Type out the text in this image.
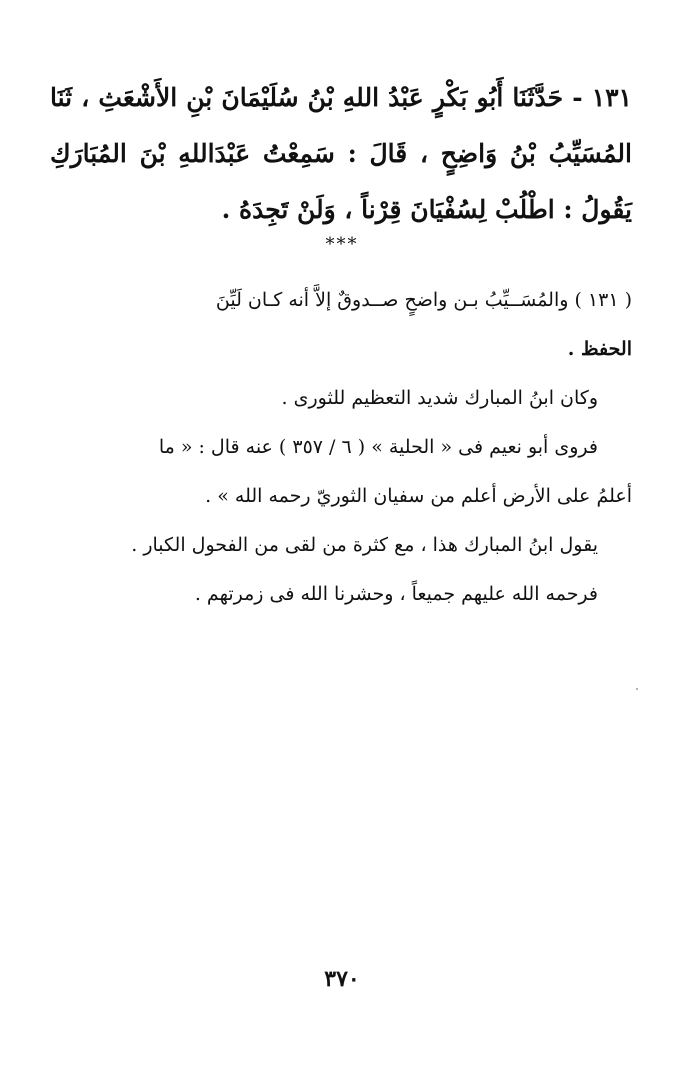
١٣١ - حَدَّثَنَا أَبُو بَكْرٍ عَبْدُ اللهِ بْنُ سُلَيْمَانَ بْنِ الأَشْعَثِ ، ثَنَا المُسَيِّبُ بْنُ وَاضِحٍ ، قَالَ : سَمِعْتُ عَبْدَاللهِ بْنَ المُبَارَكِ يَقُولُ : اطْلُبْ لِسُفْيَانَ قِرْناً ، وَلَنْ تَجِدَهُ .
***

( ١٣١ ) والمُسَــيِّبُ بـن واضحٍ صــدوقٌ إلاَّ أنه كـان لَيِّنَ

الحفظ .

وكان ابنُ المبارك شديد التعظيم للثورى .

فروى أبو نعيم فى « الحلية » ( ٦ / ٣٥٧ ) عنه قال : « ما

أعلمُ على الأرض أعلم من سفيان الثوريّ رحمه الله » .

يقول ابنُ المبارك هذا ، مع كثرة من لقى من الفحول الكبار .

فرحمه الله عليهم جميعاً ، وحشرنا الله فى زمرتهم .

٣٧٠
